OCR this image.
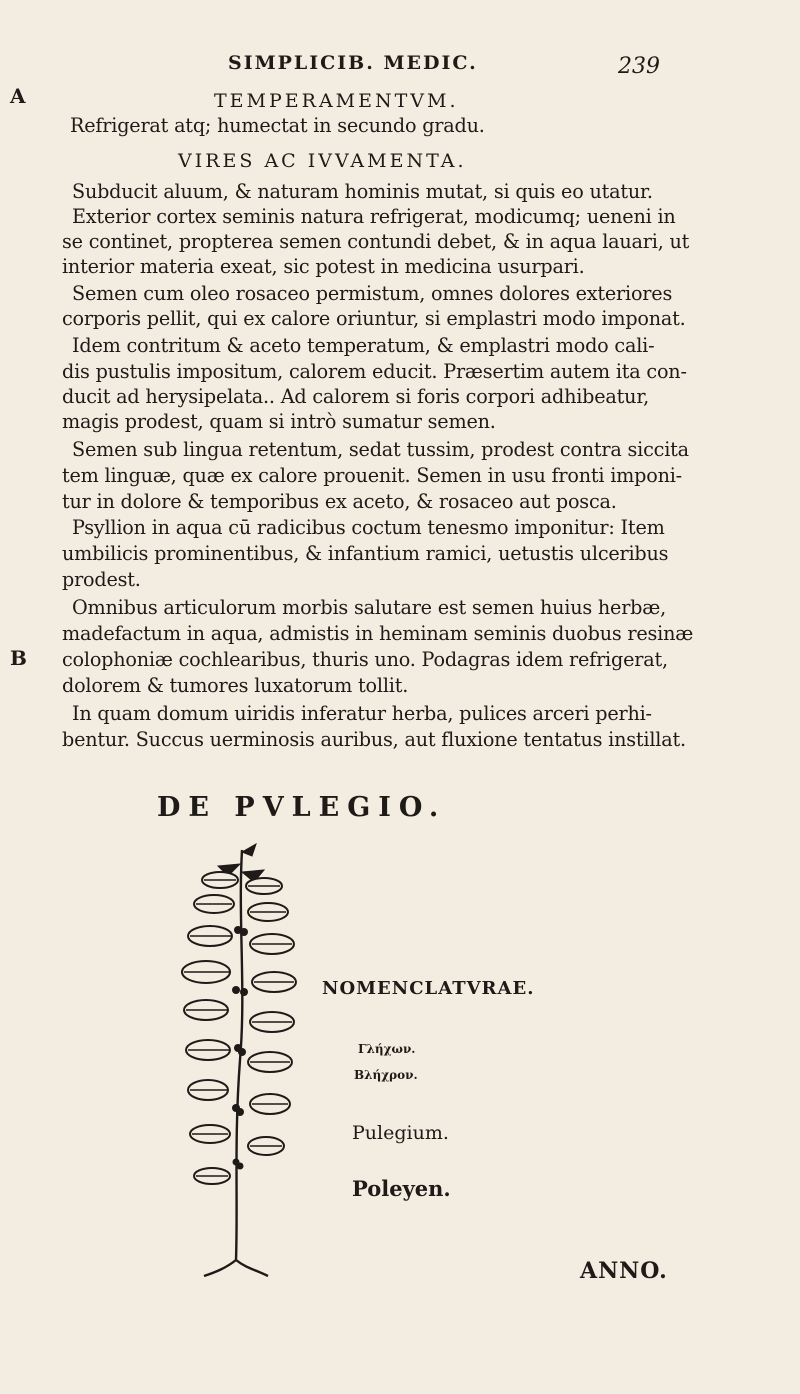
A
B
SIMPLICIB. MEDIC.	239
TEMPERAMENTVM.
Refrigerat atq; humectat in secundo gradu.
VIRES AC IVVAMENTA.
Subducit aluum, & naturam hominis mutat, si quis eo utatur.
Exterior cortex seminis natura refrigerat, modicumq; ueneni in
se continet, propterea semen contundi debet, & in aqua lauari, ut
interior materia exeat, sic potest in medicina usurpari.
Semen cum oleo rosaceo permistum, omnes dolores exteriores
corporis pellit, qui ex calore oriuntur, si emplastri modo imponat.
Idem contritum & aceto temperatum, & emplastri modo cali-
dis pustulis impositum, calorem educit. Præsertim autem ita con-
ducit ad herysipelata.. Ad calorem si foris corpori adhibeatur,
magis prodest, quam si intrò sumatur semen.
Semen sub lingua retentum, sedat tussim, prodest contra siccita
tem linguæ, quæ ex calore prouenit. Semen in usu fronti imponi-
tur in dolore & temporibus ex aceto, & rosaceo aut posca.
Psyllion in aqua cū radicibus coctum tenesmo imponitur: Item
umbilicis prominentibus, & infantium ramici, uetustis ulceribus
prodest.
Omnibus articulorum morbis salutare est semen huius herbæ,
madefactum in aqua, admistis in heminam seminis duobus resinæ
colophoniæ cochlearibus, thuris uno. Podagras idem refrigerat,
dolorem & tumores luxatorum tollit.
In quam domum uiridis inferatur herba, pulices arceri perhi-
bentur. Succus uerminosis auribus, aut fluxione tentatus instillat.
DE PVLEGIO.
NOMENCLATVRAE.
Γλήχων.
Βλήχρον.
Pulegium.
Poleyen.
ANNO.
